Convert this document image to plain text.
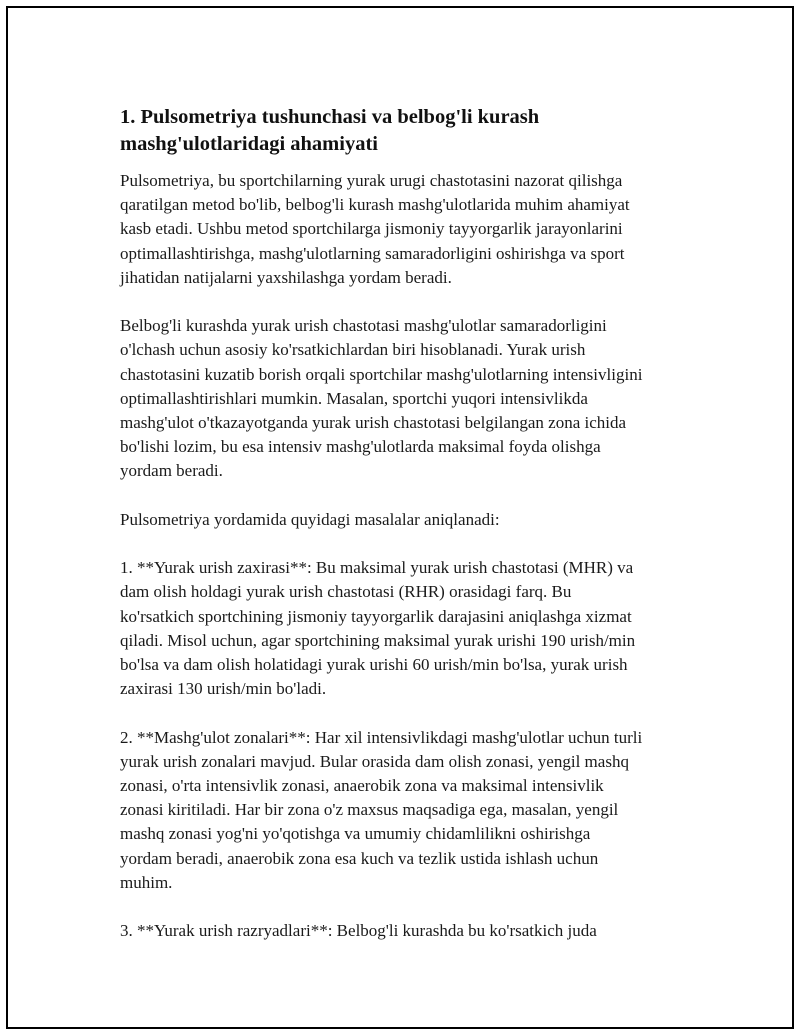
1. Pulsometriya tushunchasi va belbog'li kurash
mashg'ulotlaridagi ahamiyati

Pulsometriya, bu sportchilarning yurak urugi chastotasini nazorat qilishga
qaratilgan metod bo'lib, belbog'li kurash mashg'ulotlarida muhim ahamiyat
kasb etadi. Ushbu metod sportchilarga jismoniy tayyorgarlik jarayonlarini
optimallashtirishga, mashg'ulotlarning samaradorligini oshirishga va sport
jihatidan natijalarni yaxshilashga yordam beradi.

Belbog'li kurashda yurak urish chastotasi mashg'ulotlar samaradorligini
o'lchash uchun asosiy ko'rsatkichlardan biri hisoblanadi. Yurak urish
chastotasini kuzatib borish orqali sportchilar mashg'ulotlarning intensivligini
optimallashtirishlari mumkin. Masalan, sportchi yuqori intensivlikda
mashg'ulot o'tkazayotganda yurak urish chastotasi belgilangan zona ichida
bo'lishi lozim, bu esa intensiv mashg'ulotlarda maksimal foyda olishga
yordam beradi.

Pulsometriya yordamida quyidagi masalalar aniqlanadi:

1. **Yurak urish zaxirasi**: Bu maksimal yurak urish chastotasi (MHR) va
dam olish holdagi yurak urish chastotasi (RHR) orasidagi farq. Bu
ko'rsatkich sportchining jismoniy tayyorgarlik darajasini aniqlashga xizmat
qiladi. Misol uchun, agar sportchining maksimal yurak urishi 190 urish/min
bo'lsa va dam olish holatidagi yurak urishi 60 urish/min bo'lsa, yurak urish
zaxirasi 130 urish/min bo'ladi.

2. **Mashg'ulot zonalari**: Har xil intensivlikdagi mashg'ulotlar uchun turli
yurak urish zonalari mavjud. Bular orasida dam olish zonasi, yengil mashq
zonasi, o'rta intensivlik zonasi, anaerobik zona va maksimal intensivlik
zonasi kiritiladi. Har bir zona o'z maxsus maqsadiga ega, masalan, yengil
mashq zonasi yog'ni yo'qotishga va umumiy chidamlilikni oshirishga
yordam beradi, anaerobik zona esa kuch va tezlik ustida ishlash uchun
muhim.

3. **Yurak urish razryadlari**: Belbog'li kurashda bu ko'rsatkich juda
